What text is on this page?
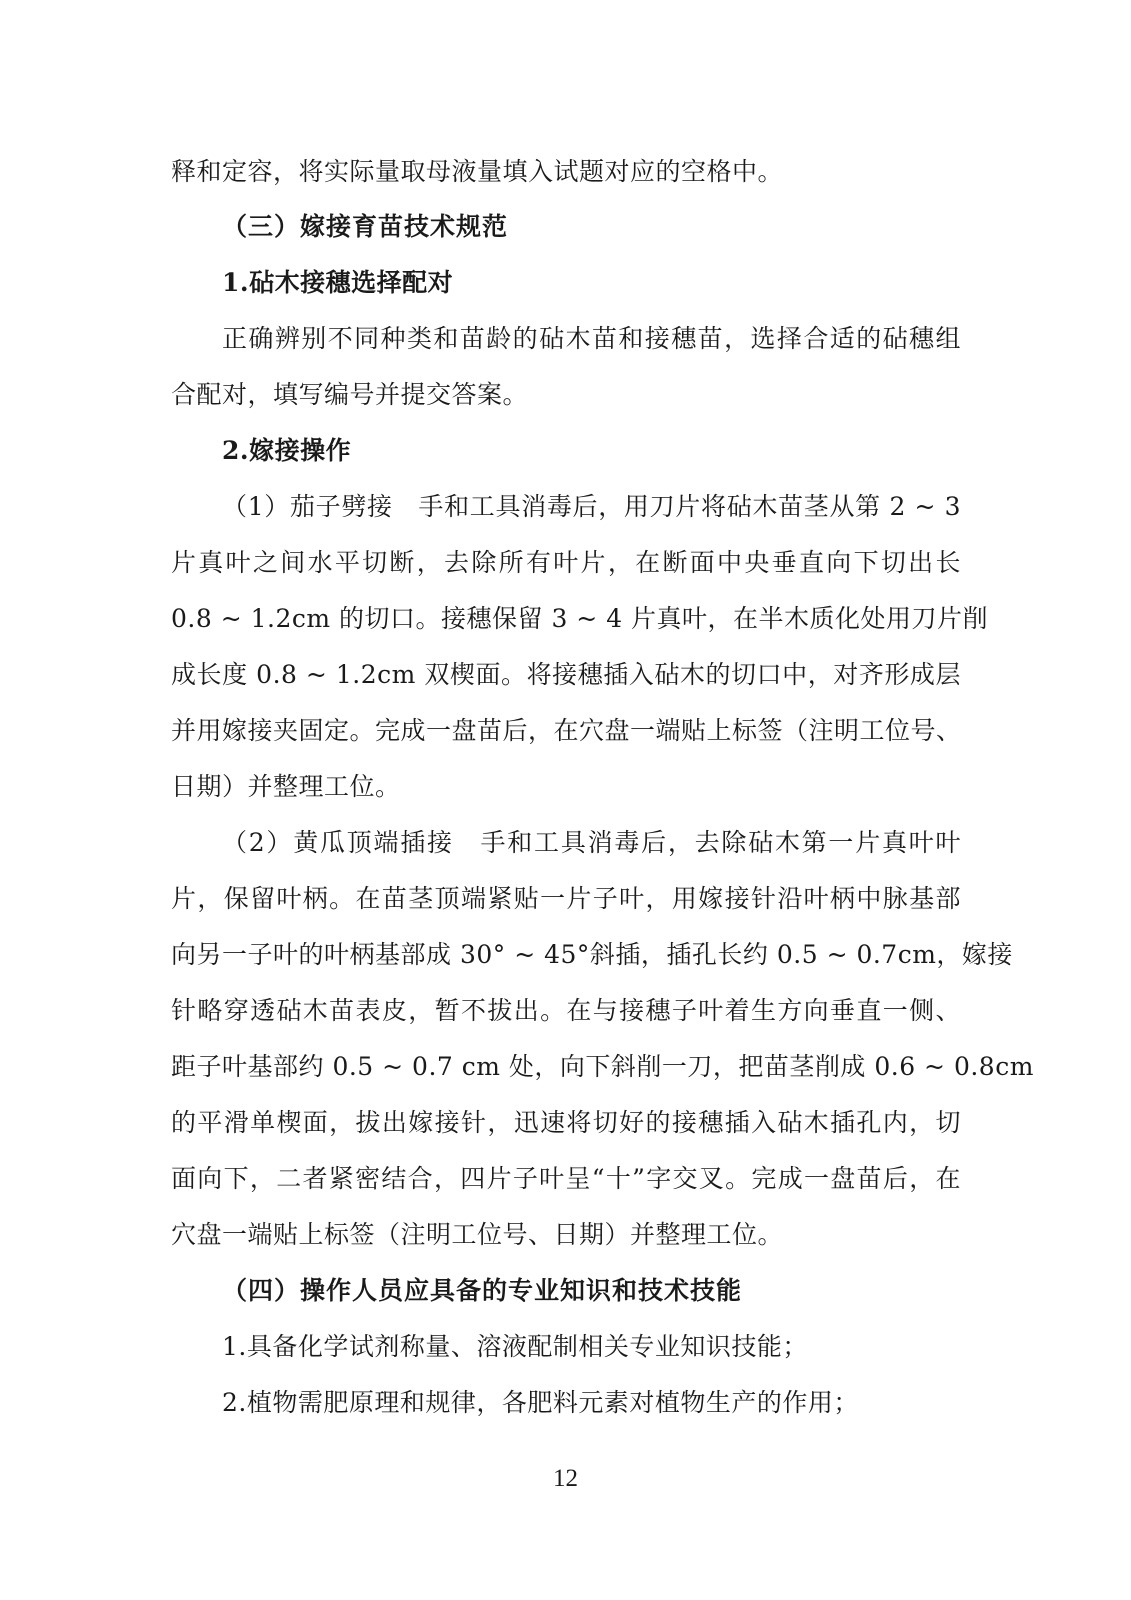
释和定容，将实际量取母液量填入试题对应的空格中。
（三）嫁接育苗技术规范
1.砧木接穗选择配对
正确辨别不同种类和苗龄的砧木苗和接穗苗，选择合适的砧穗组
合配对，填写编号并提交答案。
2.嫁接操作
（1）茄子劈接　手和工具消毒后，用刀片将砧木苗茎从第 2 ~ 3
片真叶之间水平切断，去除所有叶片，在断面中央垂直向下切出长
0.8 ~ 1.2cm 的切口。接穗保留 3 ~ 4 片真叶，在半木质化处用刀片削
成长度 0.8 ~ 1.2cm 双楔面。将接穗插入砧木的切口中，对齐形成层
并用嫁接夹固定。完成一盘苗后，在穴盘一端贴上标签（注明工位号、
日期）并整理工位。
（2）黄瓜顶端插接　手和工具消毒后，去除砧木第一片真叶叶
片，保留叶柄。在苗茎顶端紧贴一片子叶，用嫁接针沿叶柄中脉基部
向另一子叶的叶柄基部成 30° ~ 45°斜插，插孔长约 0.5 ~ 0.7cm，嫁接
针略穿透砧木苗表皮，暂不拔出。在与接穗子叶着生方向垂直一侧、
距子叶基部约 0.5 ~ 0.7 cm 处，向下斜削一刀，把苗茎削成 0.6 ~ 0.8cm
的平滑单楔面，拔出嫁接针，迅速将切好的接穗插入砧木插孔内，切
面向下，二者紧密结合，四片子叶呈“十”字交叉。完成一盘苗后，在
穴盘一端贴上标签（注明工位号、日期）并整理工位。
（四）操作人员应具备的专业知识和技术技能
1.具备化学试剂称量、溶液配制相关专业知识技能；
2.植物需肥原理和规律，各肥料元素对植物生产的作用；
12
